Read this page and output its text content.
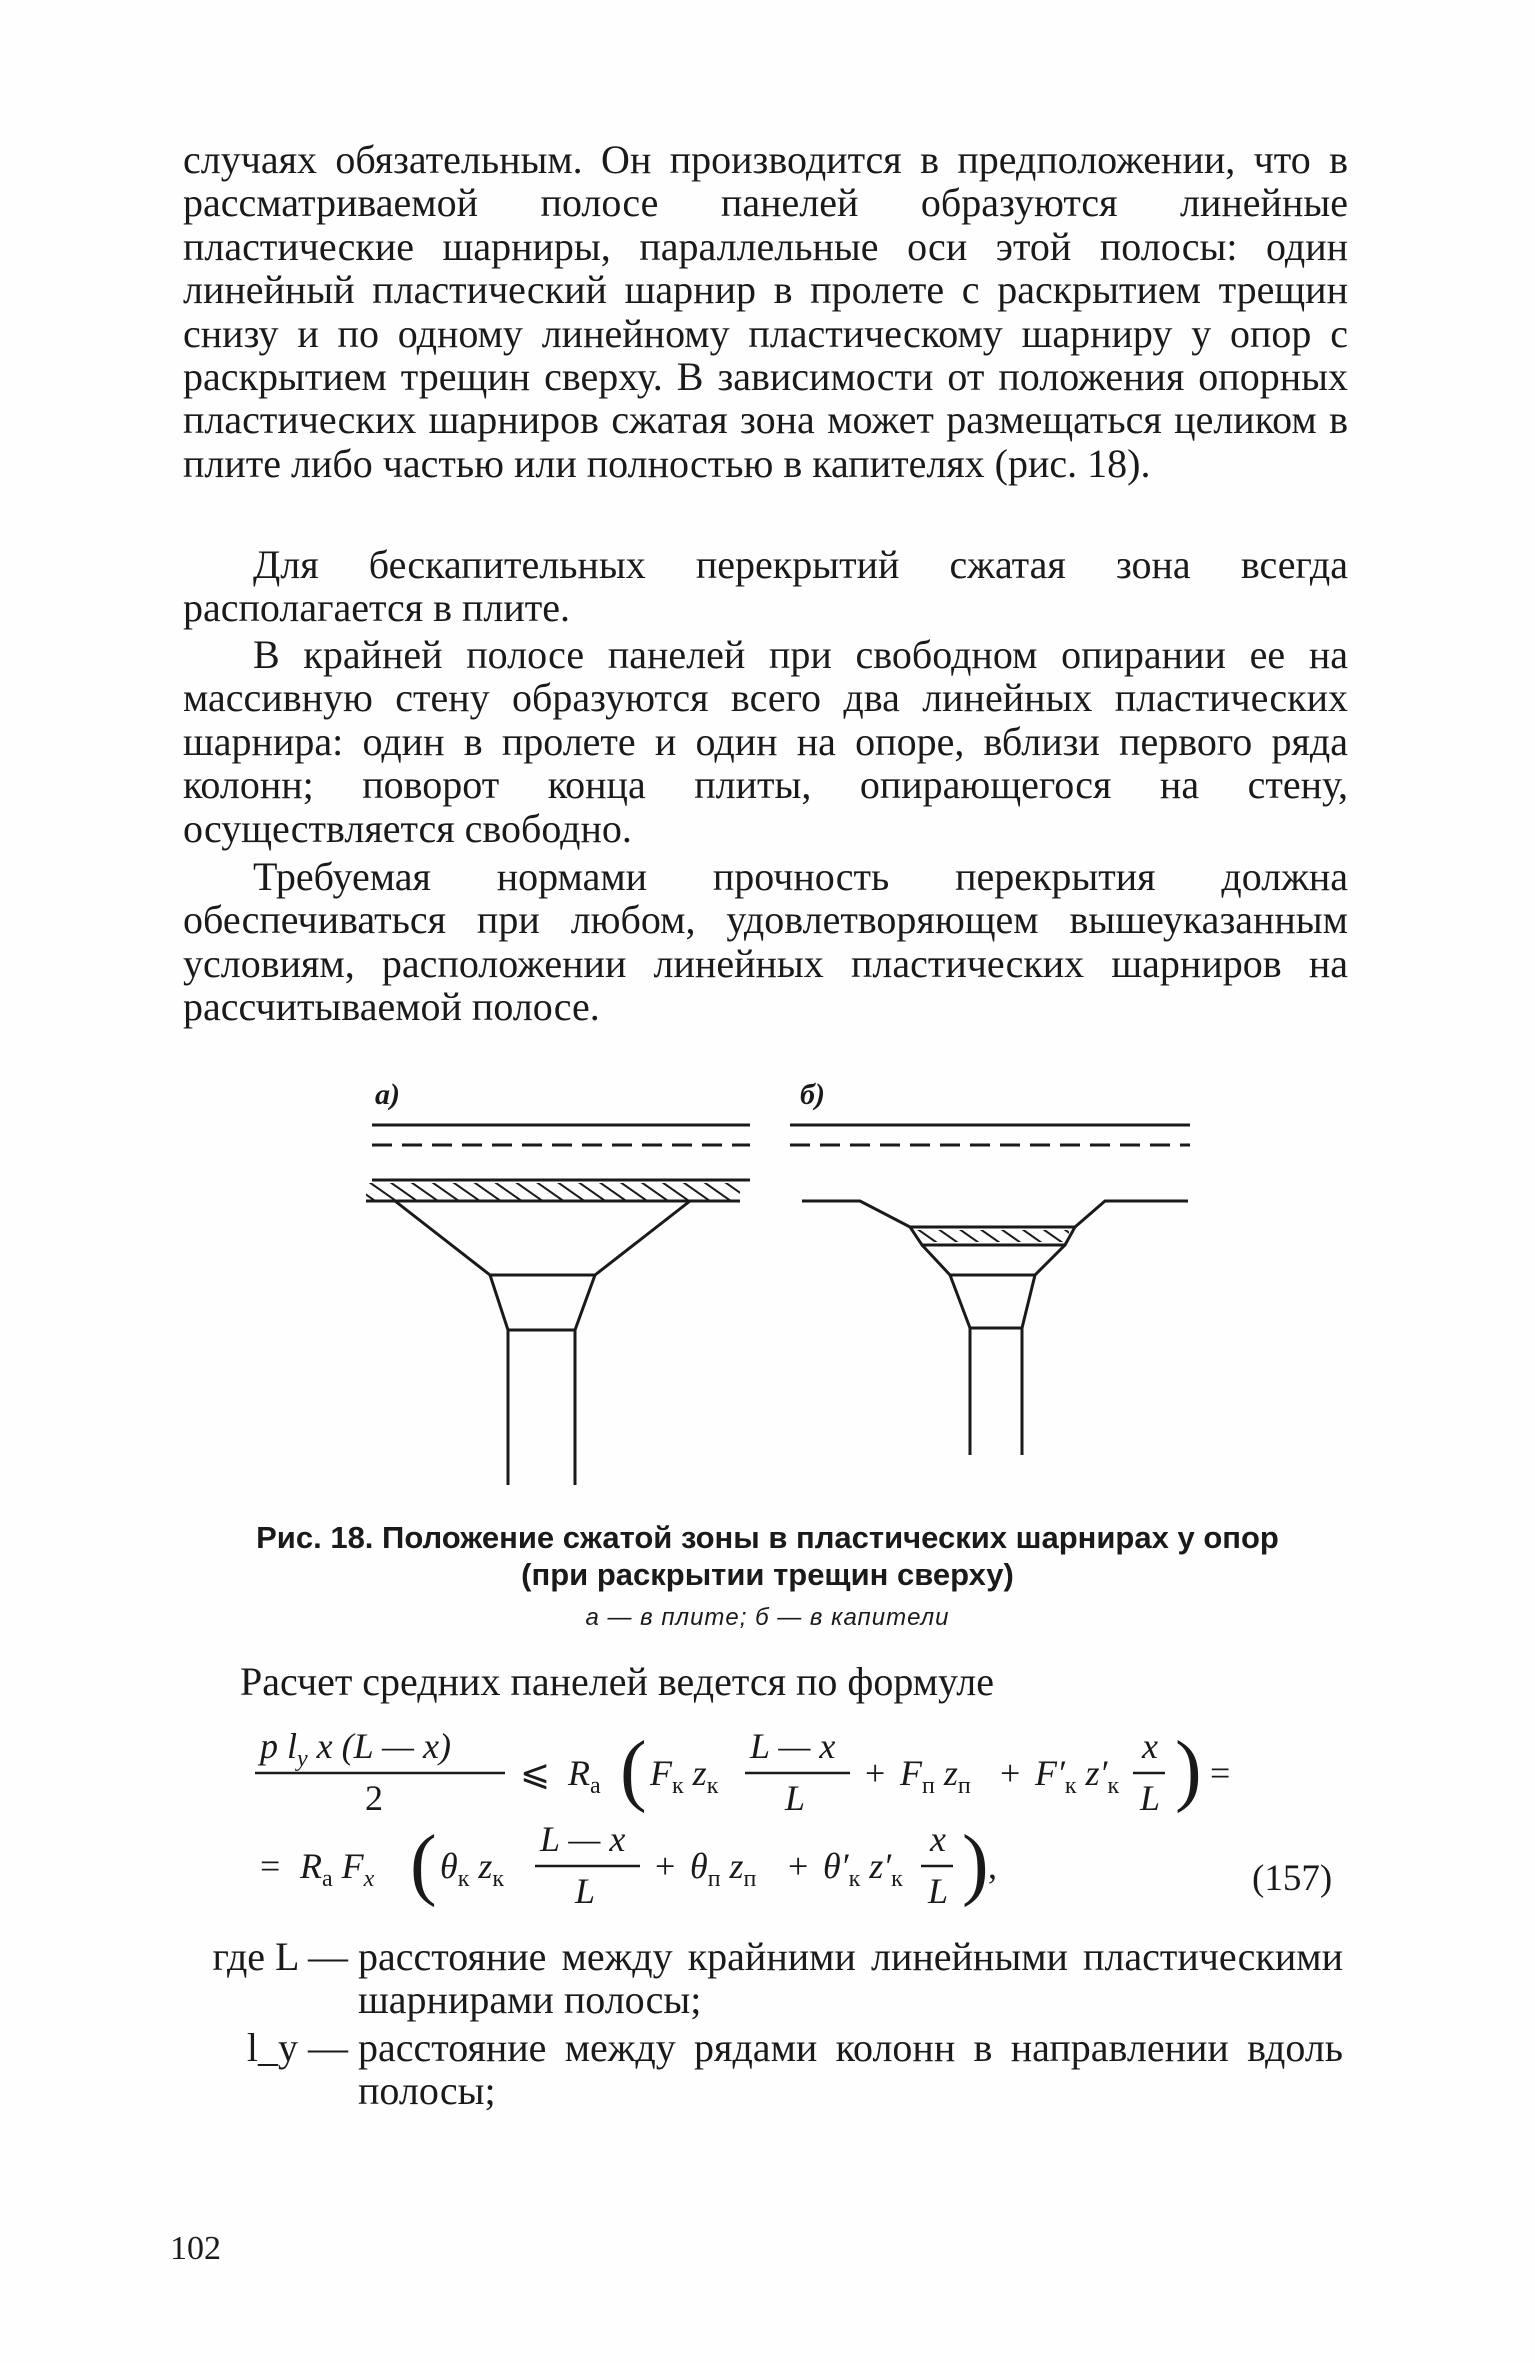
случаях обязательным. Он производится в предположении, что в рассматриваемой полосе панелей образуются линейные пластические шарниры, параллельные оси этой полосы: один линейный пластический шарнир в пролете с раскрытием трещин снизу и по одному линейному пластическому шарниру у опор с раскрытием трещин сверху. В зависимости от положения опорных пластических шарниров сжатая зона может размещаться целиком в плите либо частью или полностью в капителях (рис. 18).

Для бескапительных перекрытий сжатая зона всегда располагается в плите.

В крайней полосе панелей при свободном опирании ее на массивную стену образуются всего два линейных пластических шарнира: один в пролете и один на опоре, вблизи первого ряда колонн; поворот конца плиты, опирающегося на стену, осуществляется свободно.

Требуемая нормами прочность перекрытия должна обеспечиваться при любом, удовлетворяющем вышеуказанным условиям, расположении линейных пластических шарниров на рассчитываемой полосе.

а)	б)

Рис. 18. Положение сжатой зоны в пластических шарнирах у опор

(при раскрытии трещин сверху)

а — в плите; б — в капители

Расчет средних панелей ведется по формуле

p $l_y$ x (L — x)
2
⩽ $R_a$ ( $F_к$ $z_к$
L — x
L
+ $F_п$ $z_п + F'_к$ $z'_к$
x
L ) =
= $R_a$ $F_x$ ( $\theta_к$ $z_к$
L — x
L
+ $\theta_п$ $z_п + \theta'_к$ $z'_к$
x
L ) ,	(157)
где L — расстояние между крайними линейными пластическими шарнирами полосы;
l_y — расстояние между рядами колонн в направлении вдоль полосы;
102
